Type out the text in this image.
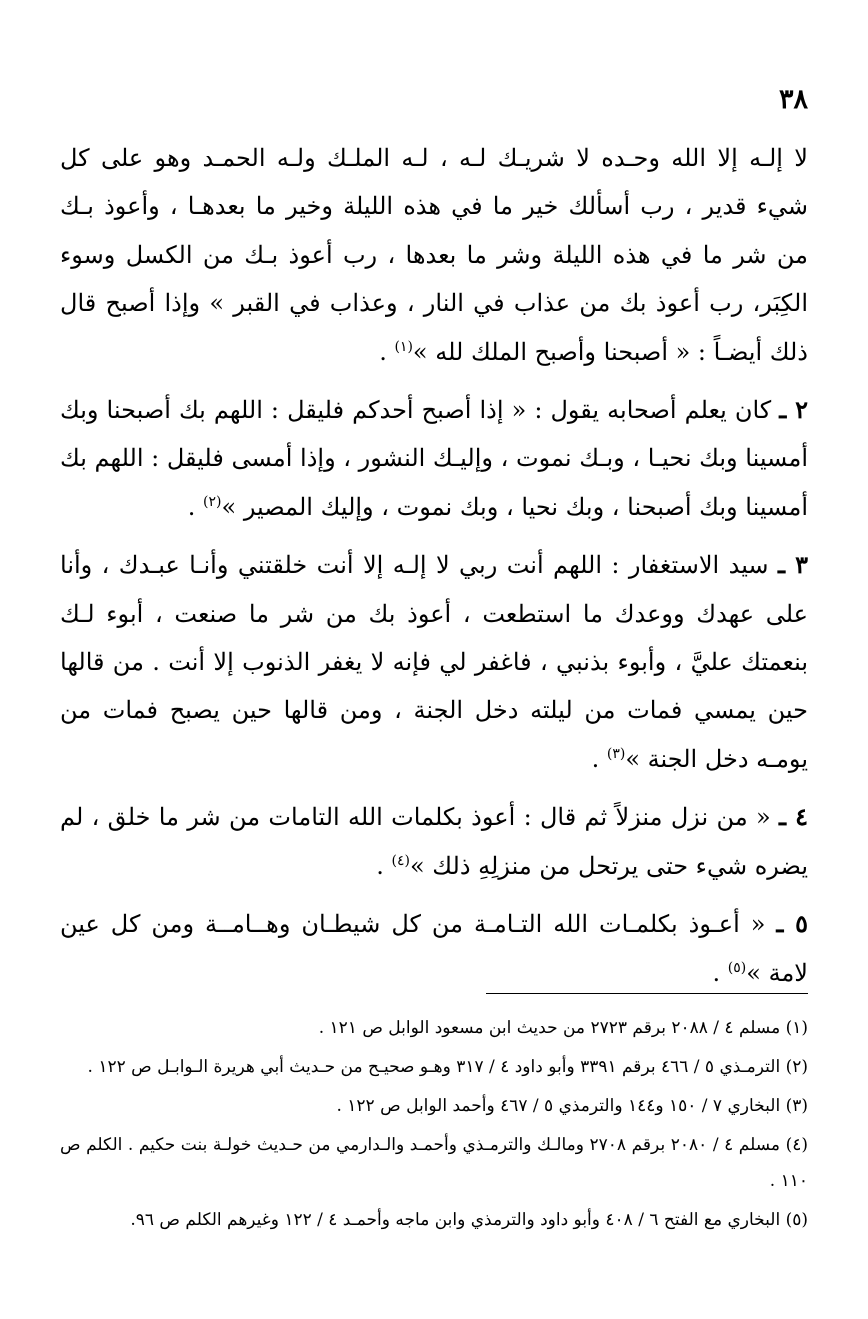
٣٨

لا إلـه إلا الله وحـده لا شريـك لـه ، لـه الملـك ولـه الحمـد وهو على كل شيء قدير ، رب أسألك خير ما في هذه الليلة وخير ما بعدهـا ، وأعوذ بـك من شر ما في هذه الليلة وشر ما بعدها ، رب أعوذ بـك من الكسل وسوء الكِبَر، رب أعوذ بك من عذاب في النار ، وعذاب في القبر » وإذا أصبح قال ذلك أيضـاً : « أصبحنا وأصبح الملك لله »$^{(١)}$ .

٢ ـ كان يعلم أصحابه يقول : « إذا أصبح أحدكم فليقل : اللهم بك أصبحنا وبك أمسينا وبك نحيـا ، وبـك نموت ، وإليـك النشور ، وإذا أمسى فليقل : اللهم بك أمسينا وبك أصبحنا ، وبك نحيا ، وبك نموت ، وإليك المصير »$^{(٢)}$ .

٣ ـ سيد الاستغفار : اللهم أنت ربي لا إلـه إلا أنت خلقتني وأنـا عبـدك ، وأنا على عهدك ووعدك ما استطعت ، أعوذ بك من شر ما صنعت ، أبوء لـك بنعمتك عليَّ ، وأبوء بذنبي ، فاغفر لي فإنه لا يغفر الذنوب إلا أنت . من قالها حين يمسي فمات من ليلته دخل الجنة ، ومن قالها حين يصبح فمات من يومـه دخل الجنة »$^{(٣)}$ .

٤ ـ « من نزل منزلاً ثم قال : أعوذ بكلمات الله التامات من شر ما خلق ، لم يضره شيء حتى يرتحل من منزلِهِ ذلك »$^{(٤)}$ .

٥ ـ « أعـوذ بكلمـات الله التـامـة من كل شيطـان وهــامــة ومن كل عين لامة »$^{(٥)}$ .

(١) مسلم ٤ / ٢٠٨٨ برقم ٢٧٢٣ من حديث ابن مسعود الوابل ص ١٢١ .

(٢) الترمـذي ٥ / ٤٦٦ برقم ٣٣٩١ وأبو داود ٤ / ٣١٧ وهـو صحيـح من حـديث أبي هريرة الـوابـل ص ١٢٢ .

(٣) البخاري ٧ / ١٥٠ و١٤٤ والترمذي ٥ / ٤٦٧ وأحمد الوابل ص ١٢٢ .

(٤) مسلم ٤ / ٢٠٨٠ برقم ٢٧٠٨ ومالـك والترمـذي وأحمـد والـدارمي من حـديث خولـة بنت حكيم . الكلم ص ١١٠ .

(٥) البخاري مع الفتح ٦ / ٤٠٨ وأبو داود والترمذي وابن ماجه وأحمـد ٤ / ١٢٢ وغيرهم الكلم ص ٩٦.
